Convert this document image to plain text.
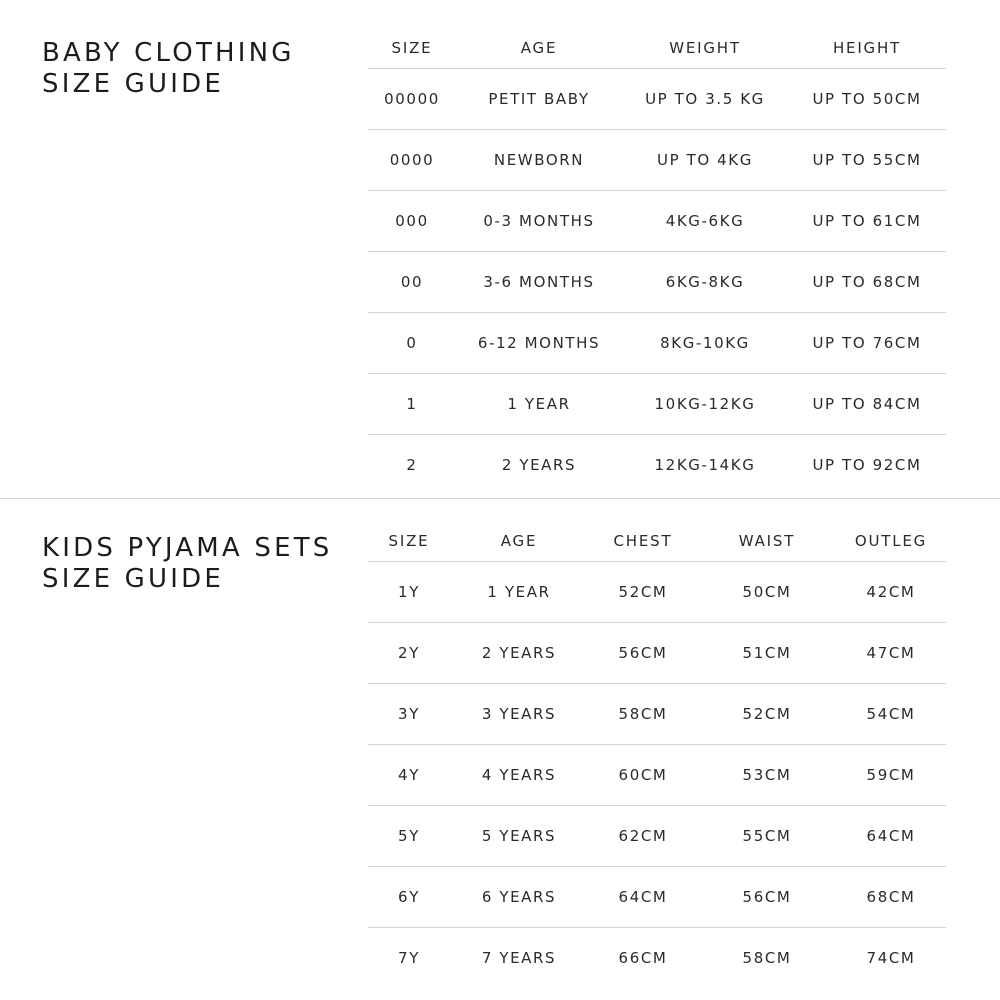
BABY CLOTHING
SIZE GUIDE
SIZE	AGE	WEIGHT	HEIGHT
00000	PETIT BABY	UP TO 3.5 KG	UP TO 50CM
0000	NEWBORN	UP TO 4KG	UP TO 55CM
000	0-3 MONTHS	4KG-6KG	UP TO 61CM
00	3-6 MONTHS	6KG-8KG	UP TO 68CM
0	6-12 MONTHS	8KG-10KG	UP TO 76CM
1	1 YEAR	10KG-12KG	UP TO 84CM
2	2 YEARS	12KG-14KG	UP TO 92CM
KIDS PYJAMA SETS
SIZE GUIDE
SIZE	AGE	CHEST	WAIST	OUTLEG
1Y	1 YEAR	52CM	50CM	42CM
2Y	2 YEARS	56CM	51CM	47CM
3Y	3 YEARS	58CM	52CM	54CM
4Y	4 YEARS	60CM	53CM	59CM
5Y	5 YEARS	62CM	55CM	64CM
6Y	6 YEARS	64CM	56CM	68CM
7Y	7 YEARS	66CM	58CM	74CM
